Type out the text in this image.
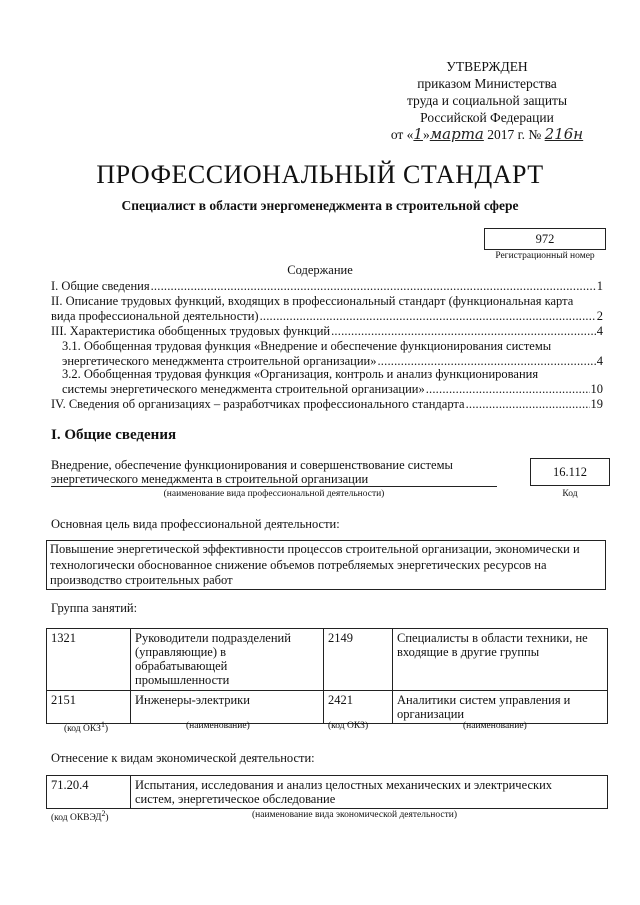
УТВЕРЖДЕН
приказом Министерства
труда и социальной защиты
Российской Федерации
от «1»марта 2017 г. № 216н
ПРОФЕССИОНАЛЬНЫЙ СТАНДАРТ
Специалист в области энергоменеджмента в строительной сфере
972
Регистрационный номер
Содержание
I. Общие сведения .....	1
II. Описание трудовых функций, входящих в профессиональный стандарт (функциональная карта
вида профессиональной деятельности) .....	2
III. Характеристика обобщенных трудовых функций .....	4
3.1. Обобщенная трудовая функция «Внедрение и обеспечение функционирования системы
энергетического менеджмента строительной организации» .....	4
3.2. Обобщенная трудовая функция «Организация, контроль и анализ функционирования
системы энергетического менеджмента строительной организации» .....	10
IV. Сведения об организациях – разработчиках профессионального стандарта .....	19
I. Общие сведения
Внедрение, обеспечение функционирования и совершенствование системы
энергетического менеджмента в строительной организации
(наименование вида профессиональной деятельности)
16.112
Код
Основная цель вида профессиональной деятельности:
Повышение энергетической эффективности процессов строительной организации, экономически и
технологически обоснованное снижение объемов потребляемых энергетических ресурсов на
производство строительных работ
Группа занятий:
1321	Руководители подразделений (управляющие) в обрабатывающей промышленности	2149	Специалисты в области техники, не входящие в другие группы
2151	Инженеры-электрики	2421	Аналитики систем управления и организации
(код ОКЗ$^1$)	(наименование)	(код ОКЗ)	(наименование)
Отнесение к видам экономической деятельности:
71.20.4	Испытания, исследования и анализ целостных механических и электрических
систем, энергетическое обследование
(код ОКВЭД$^2$)	(наименование вида экономической деятельности)
